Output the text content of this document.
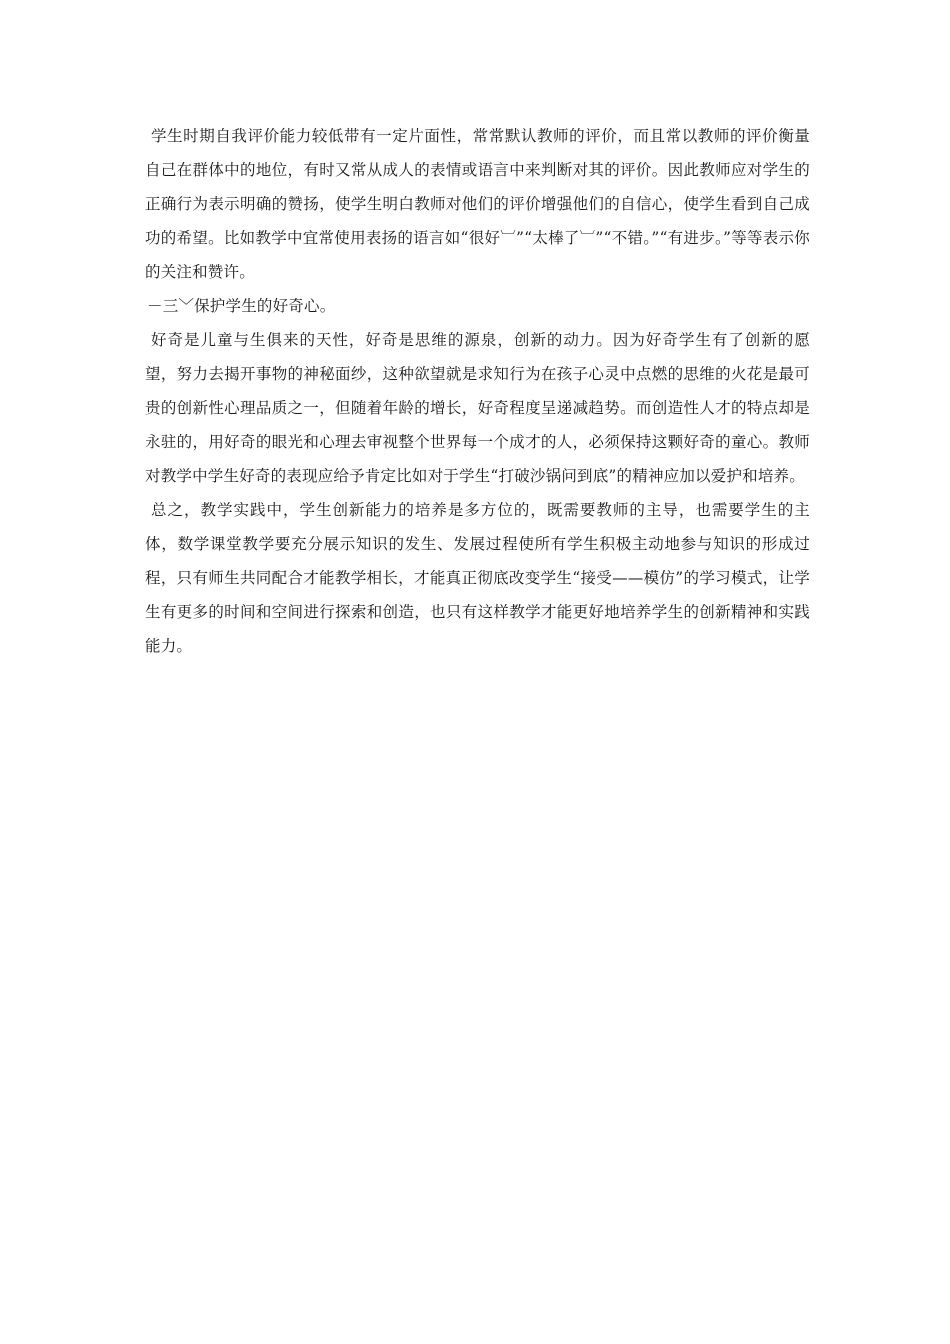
学生时期自我评价能力较低带有一定片面性，常常默认教师的评价，而且常以教师的评价衡量自己在群体中的地位，有时又常从成人的表情或语言中来判断对其的评价。因此教师应对学生的正确行为表示明确的赞扬，使学生明白教师对他们的评价增强他们的自信心，使学生看到自己成功的希望。比如教学中宜常使用表扬的语言如“很好︺”“太棒了︺”“不错。”“有进步。”等等表示你的关注和赞许。

－三﹀保护学生的好奇心。

好奇是儿童与生俱来的天性，好奇是思维的源泉，创新的动力。因为好奇学生有了创新的愿望，努力去揭开事物的神秘面纱，这种欲望就是求知行为在孩子心灵中点燃的思维的火花是最可贵的创新性心理品质之一，但随着年龄的增长，好奇程度呈递减趋势。而创造性人才的特点却是永驻的，用好奇的眼光和心理去审视整个世界每一个成才的人，必须保持这颗好奇的童心。教师对教学中学生好奇的表现应给予肯定比如对于学生“打破沙锅问到底”的精神应加以爱护和培养。

总之，教学实践中，学生创新能力的培养是多方位的，既需要教师的主导，也需要学生的主体，数学课堂教学要充分展示知识的发生、发展过程使所有学生积极主动地参与知识的形成过程，只有师生共同配合才能教学相长，才能真正彻底改变学生“接受——模仿”的学习模式，让学生有更多的时间和空间进行探索和创造，也只有这样教学才能更好地培养学生的创新精神和实践能力。
